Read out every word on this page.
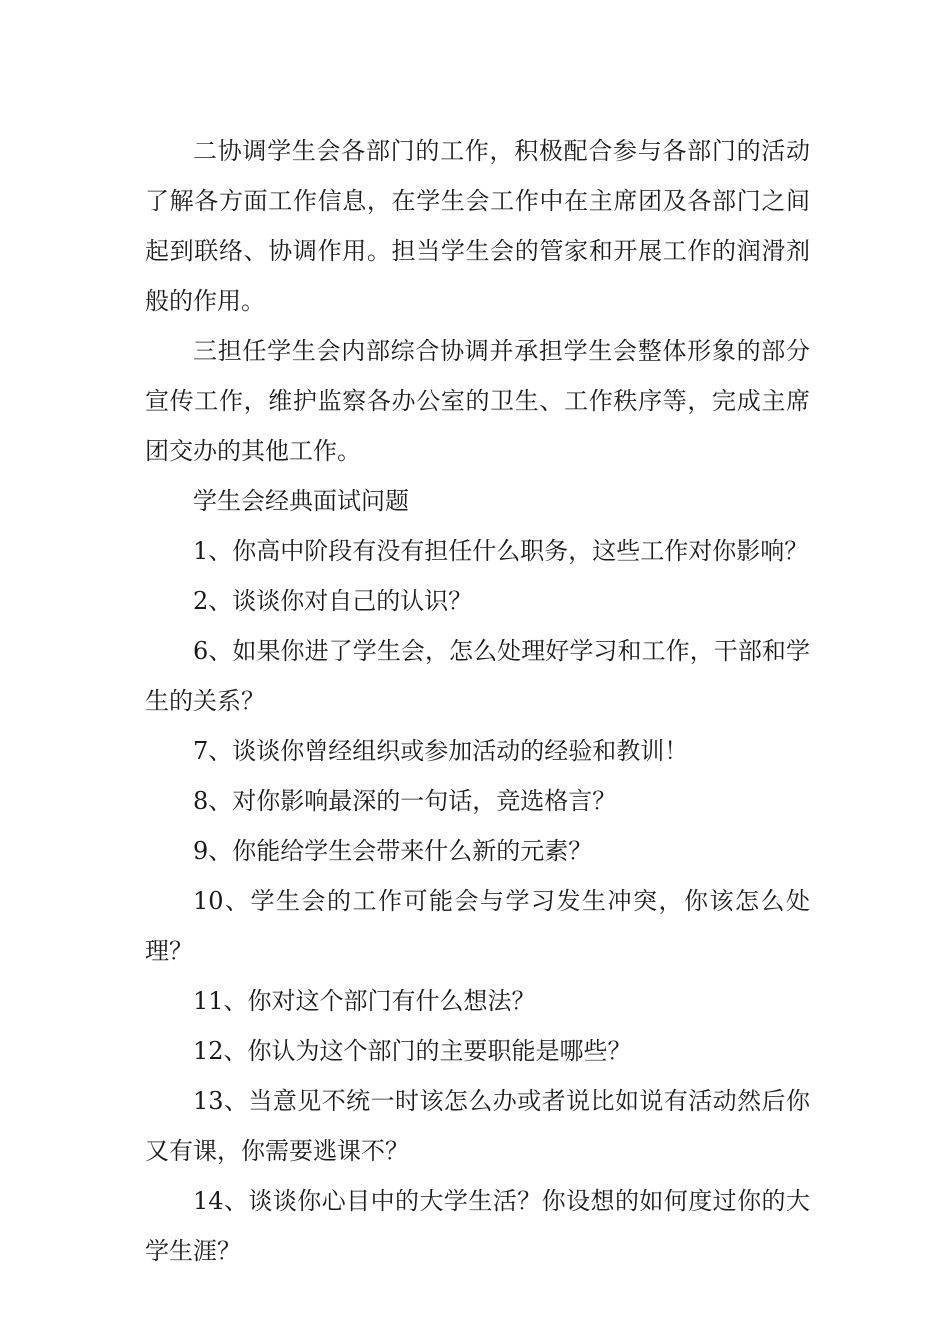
二协调学生会各部门的工作，积极配合参与各部门的活动了解各方面工作信息，在学生会工作中在主席团及各部门之间起到联络、协调作用。担当学生会的管家和开展工作的润滑剂般的作用。

三担任学生会内部综合协调并承担学生会整体形象的部分宣传工作，维护监察各办公室的卫生、工作秩序等，完成主席团交办的其他工作。

学生会经典面试问题

1、你高中阶段有没有担任什么职务，这些工作对你影响？

2、谈谈你对自己的认识？

6、如果你进了学生会，怎么处理好学习和工作，干部和学生的关系？

7、谈谈你曾经组织或参加活动的经验和教训！

8、对你影响最深的一句话，竞选格言？

9、你能给学生会带来什么新的元素？

10、学生会的工作可能会与学习发生冲突，你该怎么处理？

11、你对这个部门有什么想法？

12、你认为这个部门的主要职能是哪些？

13、当意见不统一时该怎么办或者说比如说有活动然后你又有课，你需要逃课不？

14、谈谈你心目中的大学生活？你设想的如何度过你的大学生涯？
